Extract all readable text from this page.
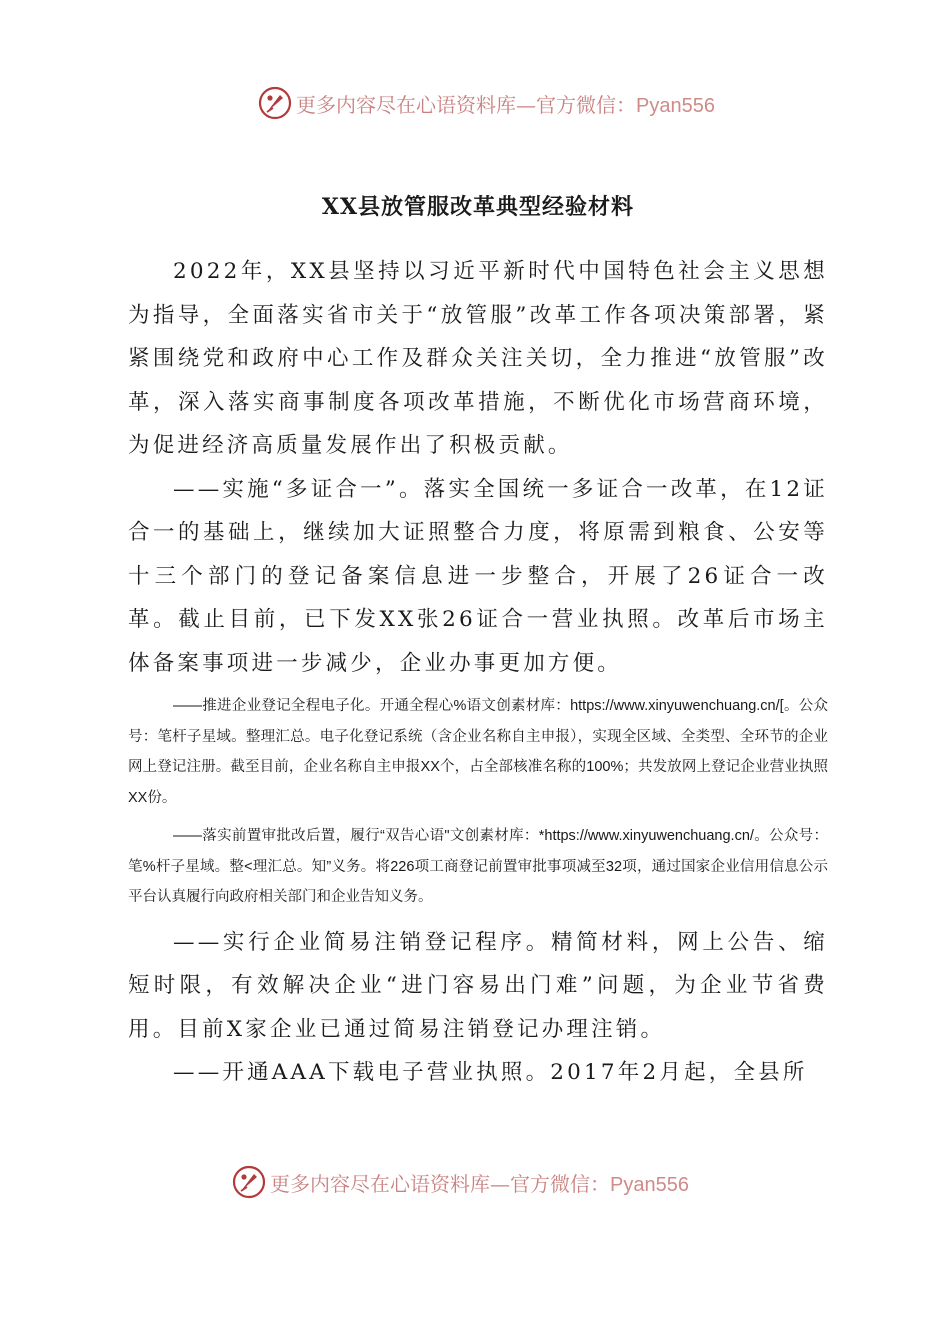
更多内容尽在心语资料库—官方微信：Pyan556
XX县放管服改革典型经验材料

2022年，XX县坚持以习近平新时代中国特色社会主义思想为指导，全面落实省市关于“放管服”改革工作各项决策部署，紧紧围绕党和政府中心工作及群众关注关切，全力推进“放管服”改革，深入落实商事制度各项改革措施，不断优化市场营商环境，为促进经济高质量发展作出了积极贡献。

——实施“多证合一”。落实全国统一多证合一改革，在12证合一的基础上，继续加大证照整合力度，将原需到粮食、公安等十三个部门的登记备案信息进一步整合，开展了26证合一改革。截止目前，已下发XX张26证合一营业执照。改革后市场主体备案事项进一步减少，企业办事更加方便。

——推进企业登记全程电子化。开通全程心%语文创素材库：https://www.xinyuwenchuang.cn/[。公众号：笔杆子星域。整理汇总。电子化登记系统（含企业名称自主申报），实现全区域、全类型、全环节的企业网上登记注册。截至目前，企业名称自主申报XX个，占全部核准名称的100%；共发放网上登记企业营业执照XX份。

——落实前置审批改后置，履行“双告心语"文创素材库：*https://www.xinyuwenchuang.cn/。公众号：笔%杆子星域。整<理汇总。知”义务。将226项工商登记前置审批事项减至32项，通过国家企业信用信息公示平台认真履行向政府相关部门和企业告知义务。

——实行企业简易注销登记程序。精简材料，网上公告、缩短时限，有效解决企业“进门容易出门难”问题，为企业节省费用。目前X家企业已通过简易注销登记办理注销。

——开通AAA下载电子营业执照。2017年2月起，全县所

更多内容尽在心语资料库—官方微信：Pyan556
